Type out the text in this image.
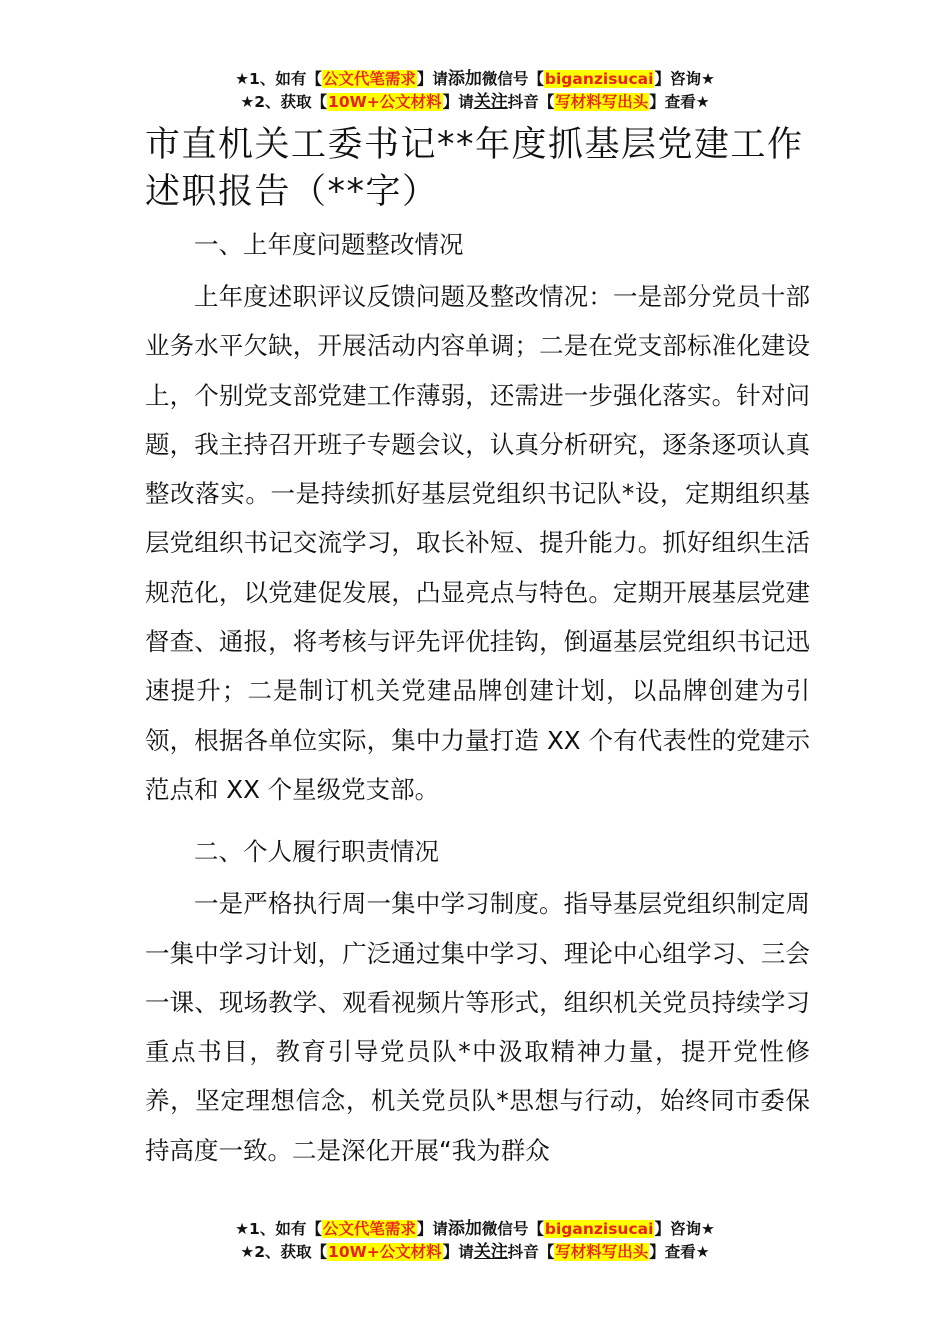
★1、如有【公文代笔需求】请添加微信号【biganzisucai】咨询★
★2、获取【10W+公文材料】请关注抖音【写材料写出头】查看★
市直机关工委书记**年度抓基层党建工作述职报告（**字）

一、上年度问题整改情况

上年度述职评议反馈问题及整改情况：一是部分党员十部业务水平欠缺，开展活动内容单调；二是在党支部标准化建设上，个别党支部党建工作薄弱，还需进一步强化落实。针对问题，我主持召开班子专题会议，认真分析研究，逐条逐项认真整改落实。一是持续抓好基层党组织书记队*设，定期组织基层党组织书记交流学习，取长补短、提升能力。抓好组织生活规范化，以党建促发展，凸显亮点与特色。定期开展基层党建督查、通报，将考核与评先评优挂钩，倒逼基层党组织书记迅速提升；二是制订机关党建品牌创建计划，以品牌创建为引领，根据各单位实际，集中力量打造 XX 个有代表性的党建示范点和 XX 个星级党支部。

二、个人履行职责情况

一是严格执行周一集中学习制度。指导基层党组织制定周一集中学习计划，广泛通过集中学习、理论中心组学习、三会一课、现场教学、观看视频片等形式，组织机关党员持续学习重点书目，教育引导党员队*中汲取精神力量，提开党性修养，坚定理想信念，机关党员队*思想与行动，始终同市委保持高度一致。二是深化开展“我为群众

★1、如有【公文代笔需求】请添加微信号【biganzisucai】咨询★
★2、获取【10W+公文材料】请关注抖音【写材料写出头】查看★
